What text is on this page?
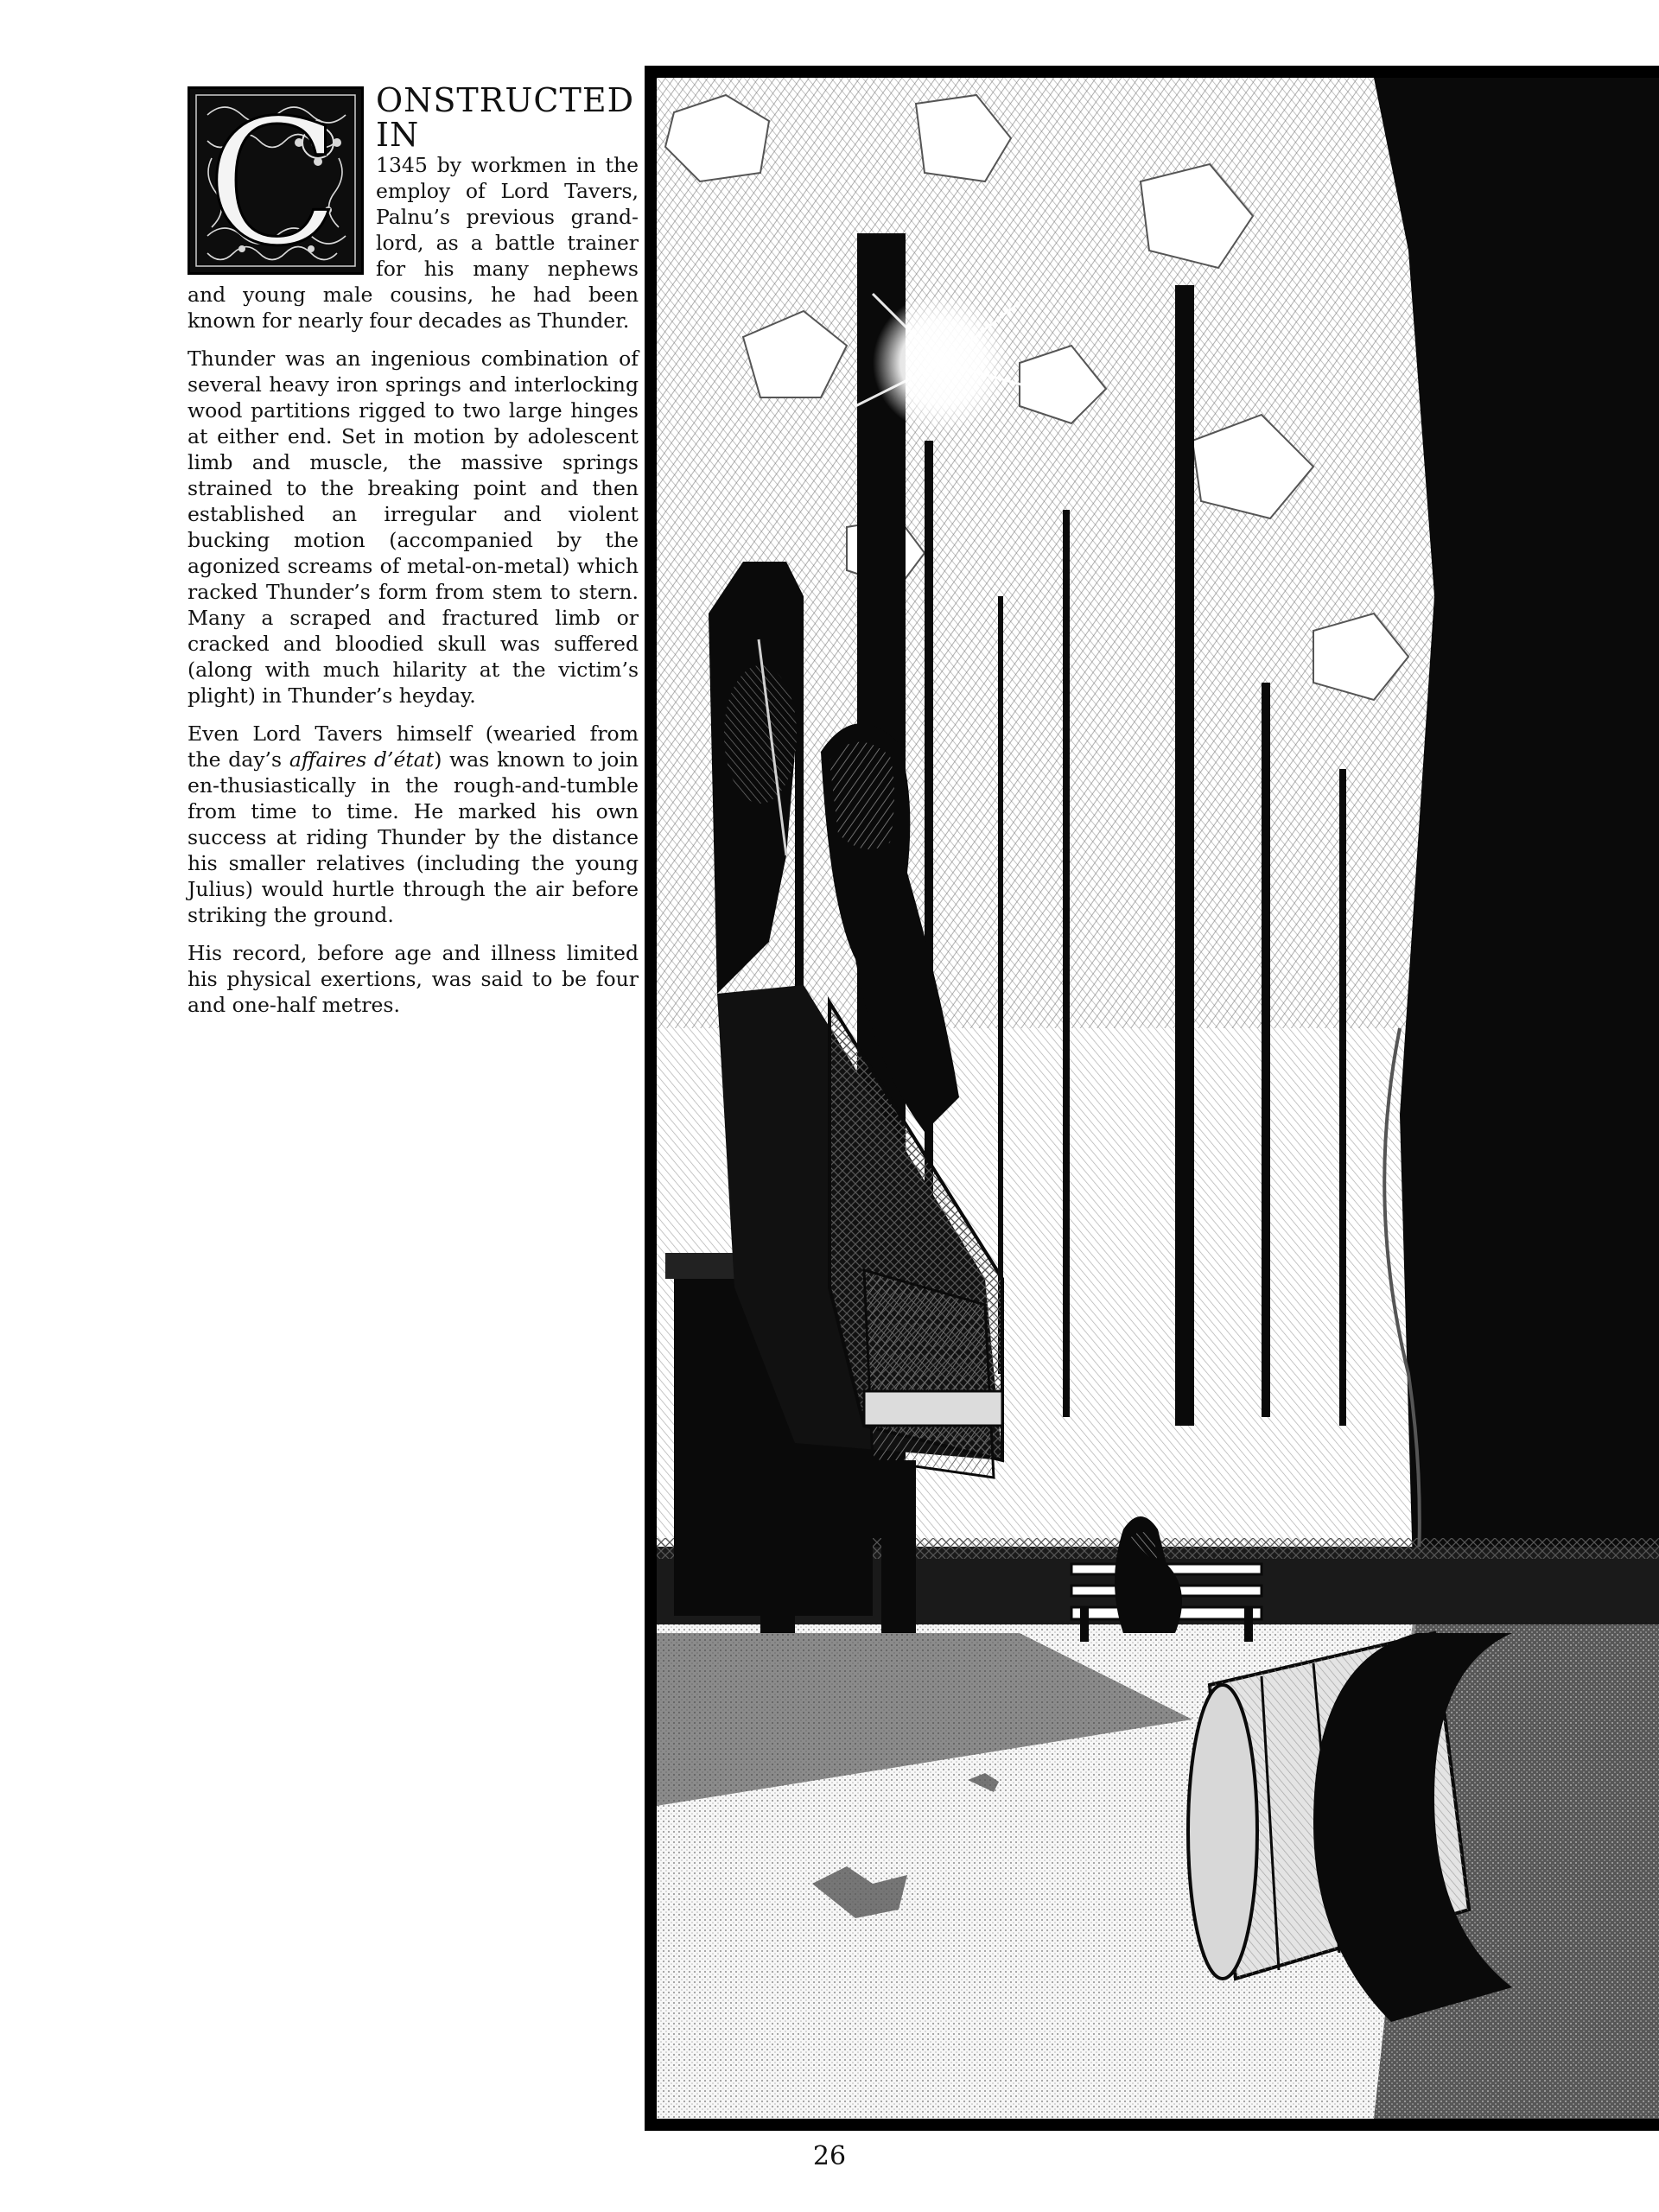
C	ONSTRUCTED IN
1345 by workmen in the employ of Lord Tavers, Palnu’s previous grand-lord, as a battle trainer for his many nephews and young male cousins, he had been known for nearly four decades as Thunder.

Thunder was an ingenious combination of several heavy iron springs and interlocking wood partitions rigged to two large hinges at either end. Set in motion by adolescent limb and muscle, the massive springs strained to the breaking point and then established an irregular and violent bucking motion (accompanied by the agonized screams of metal-on-metal) which racked Thunder’s form from stem to stern. Many a scraped and fractured limb or cracked and bloodied skull was suffered (along with much hilarity at the victim’s plight) in Thunder’s heyday.

Even Lord Tavers himself (wearied from the day’s affaires d’état) was known to join en-thusiastically in the rough-and-tumble from time to time. He marked his own success at riding Thunder by the distance his smaller relatives (including the young Julius) would hurtle through the air before striking the ground.

His record, before age and illness limited his physical exertions, was said to be four and one-half metres.

26
